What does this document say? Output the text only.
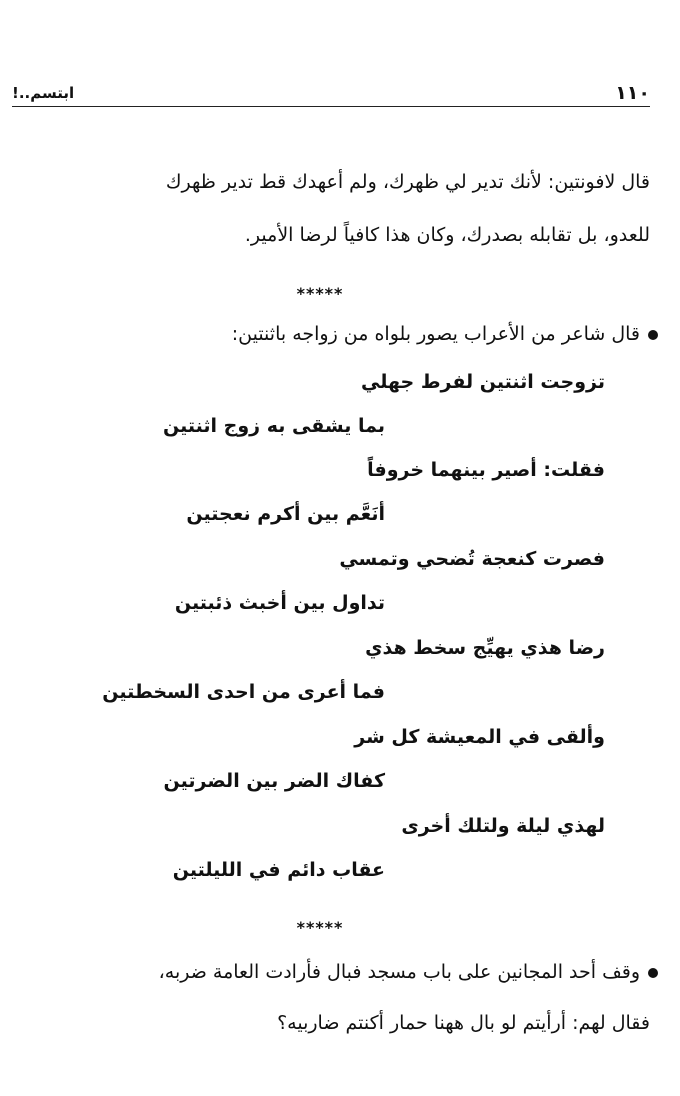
١١٠
ابتسم..!
قال لافونتين: لأنك تدير لي ظهرك، ولم أعهدك قط تدير ظهرك
للعدو، بل تقابله بصدرك، وكان هذا كافياً لرضا الأمير.
*****
قال شاعر من الأعراب يصور بلواه من زواجه باثنتين:
تزوجت اثنتين لفرط جهلي
بما يشقى به زوج اثنتين
فقلت: أصير بينهما خروفاً
أنَعَّم بين أكرم نعجتين
فصرت كنعجة تُضحي وتمسي
تداول بين أخبث ذئبتين
رضا هذي يهيِّج سخط هذي
فما أعرى من احدى السخطتين
وألقى في المعيشة كل شر
كفاك الضر بين الضرتين
لهذي ليلة ولتلك أخرى
عقاب دائم في الليلتين
*****
وقف أحد المجانين على باب مسجد فبال فأرادت العامة ضربه،
فقال لهم: أرأيتم لو بال ههنا حمار أكنتم ضاربيه؟
